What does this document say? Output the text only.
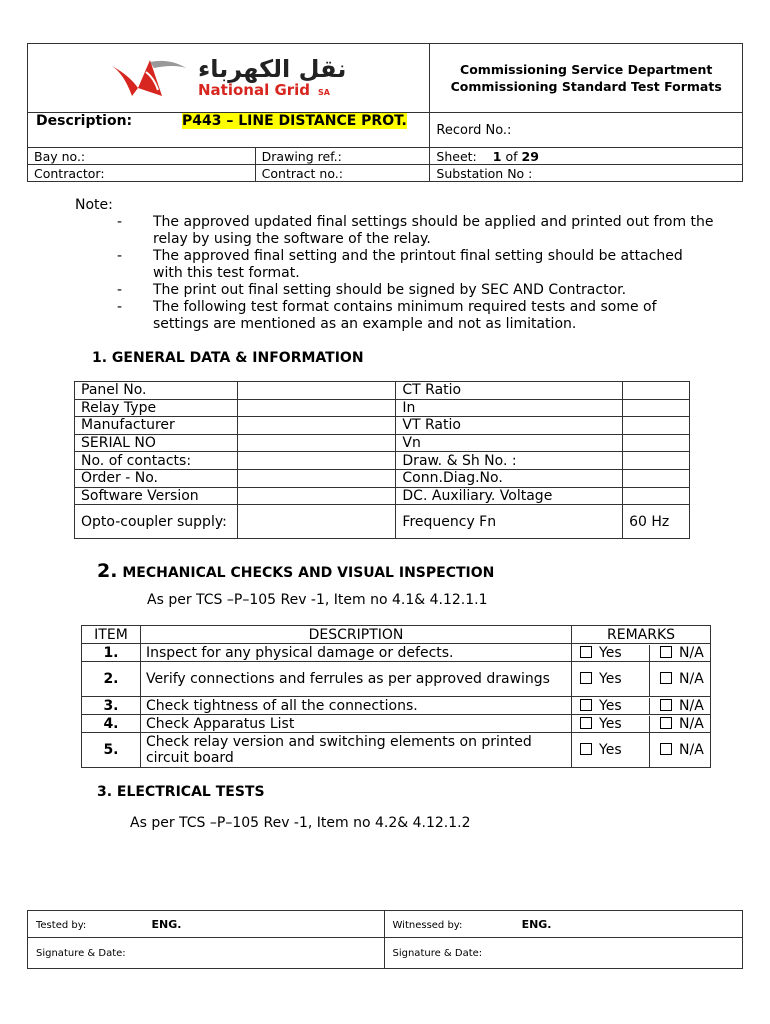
نقل الكهرباء
National Grid SA		Commissioning Service Department Commissioning Standard Test Formats

Description: P443 – LINE DISTANCE PROT.		Record No.:
Bay no.:	Drawing ref.:	Sheet: 1 of 29
Contractor:	Contract no.:	Substation No :
Note:
- The approved updated final settings should be applied and printed out from the relay by using the software of the relay.
- The approved final setting and the printout final setting should be attached with this test format.
- The print out final setting should be signed by SEC AND Contractor.
- The following test format contains minimum required tests and some of settings are mentioned as an example and not as limitation.
1. GENERAL DATA & INFORMATION
Panel No.		CT Ratio	
Relay Type		In	
Manufacturer		VT Ratio	
SERIAL NO		Vn	
No. of contacts:		Draw. & Sh No. :	
Order - No.		Conn.Diag.No.	
Software Version		DC. Auxiliary. Voltage	
Opto-coupler supply:		Frequency Fn	60 Hz
2. MECHANICAL CHECKS AND VISUAL INSPECTION
As per TCS –P–105 Rev -1, Item no 4.1& 4.12.1.1
ITEM	DESCRIPTION	REMARKS
1.	Inspect for any physical damage or defects.	Yes N/A

2.	Verify connections and ferrules as per approved drawings	Yes N/A

3.	Check tightness of all the connections.	Yes N/A

4.	Check Apparatus List	Yes N/A

5.	Check relay version and switching elements on printed circuit board	Yes N/A
3. ELECTRICAL TESTS
As per TCS –P–105 Rev -1, Item no 4.2& 4.12.1.2
Tested by: ENG.	Witnessed by: ENG.
Signature & Date:	Signature & Date:
